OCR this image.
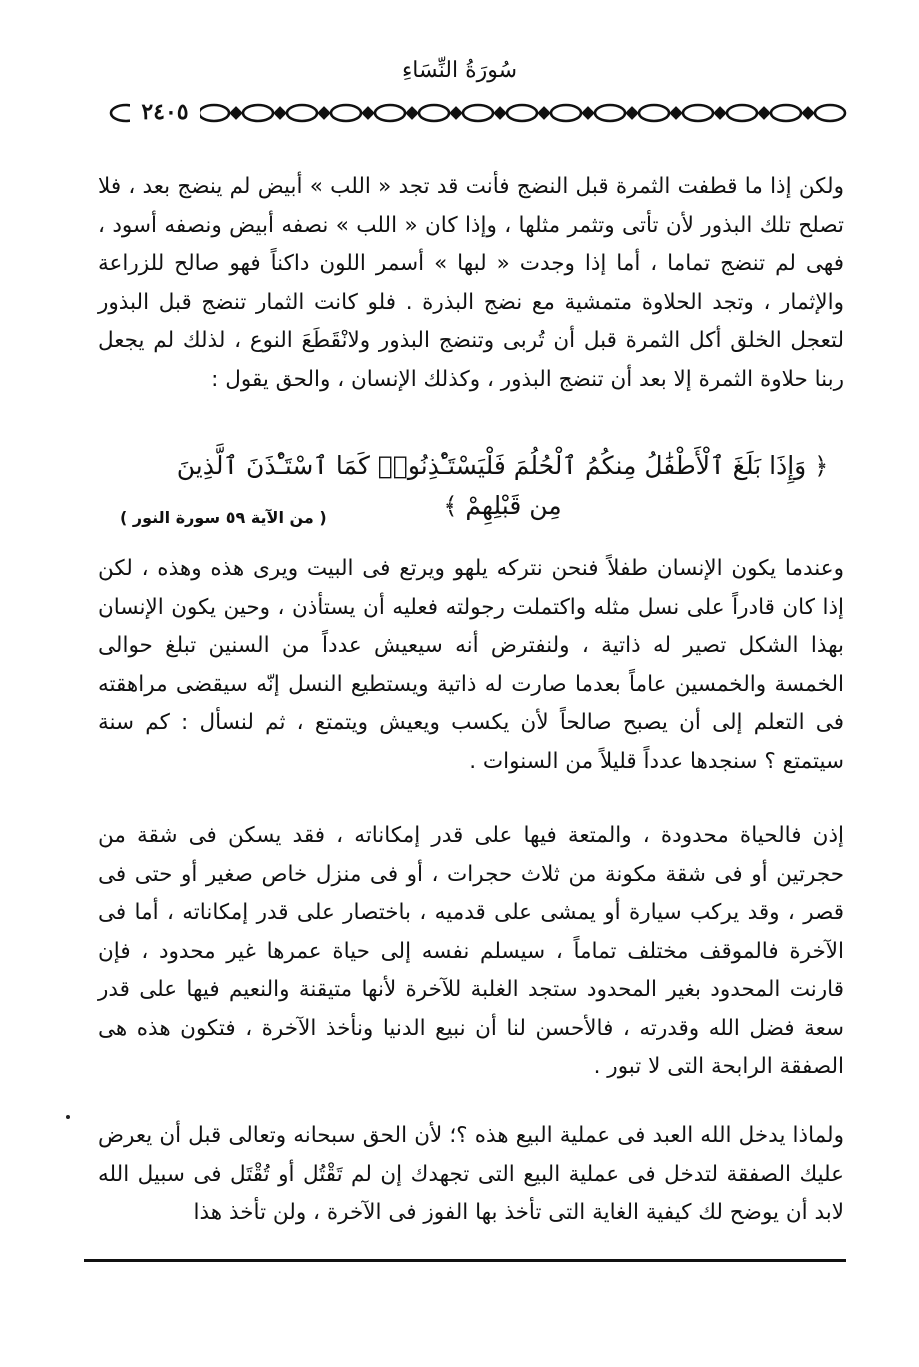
سُورَةُ النِّسَاءِ
٢٤٠٥

ولكن إذا ما قطفت الثمرة قبل النضج فأنت قد تجد « اللب » أبيض لم ينضج بعد ، فلا تصلح تلك البذور لأن تأتى وتثمر مثلها ، وإذا كان « اللب » نصفه أبيض ونصفه أسود ، فهى لم تنضج تماما ، أما إذا وجدت « لبها » أسمر اللون داكناً فهو صالح للزراعة والإثمار ، وتجد الحلاوة متمشية مع نضج البذرة . فلو كانت الثمار تنضج قبل البذور لتعجل الخلق أكل الثمرة قبل أن تُربى وتنضج البذور ولانْقَطَعَ النوع ، لذلك لم يجعل ربنا حلاوة الثمرة إلا بعد أن تنضج البذور ، وكذلك الإنسان ، والحق يقول :

﴿ وَإِذَا بَلَغَ ٱلْأَطْفَٰلُ مِنكُمُ ٱلْحُلُمَ فَلْيَسْتَـْٔذِنُوا۟ كَمَا ٱسْتَـْٔذَنَ ٱلَّذِينَ مِن قَبْلِهِمْ ﴾
( من الآية ٥٩ سورة النور )

وعندما يكون الإنسان طفلاً فنحن نتركه يلهو ويرتع فى البيت ويرى هذه وهذه ، لكن إذا كان قادراً على نسل مثله واكتملت رجولته فعليه أن يستأذن ، وحين يكون الإنسان بهذا الشكل تصير له ذاتية ، ولنفترض أنه سيعيش عدداً من السنين تبلغ حوالى الخمسة والخمسين عاماً بعدما صارت له ذاتية ويستطيع النسل إنّه سيقضى مراهقته فى التعلم إلى أن يصبح صالحاً لأن يكسب ويعيش ويتمتع ، ثم لنسأل : كم سنة سيتمتع ؟ سنجدها عدداً قليلاً من السنوات .

إذن فالحياة محدودة ، والمتعة فيها على قدر إمكاناته ، فقد يسكن فى شقة من حجرتين أو فى شقة مكونة من ثلاث حجرات ، أو فى منزل خاص صغير أو حتى فى قصر ، وقد يركب سيارة أو يمشى على قدميه ، باختصار على قدر إمكاناته ، أما فى الآخرة فالموقف مختلف تماماً ، سيسلم نفسه إلى حياة عمرها غير محدود ، فإن قارنت المحدود بغير المحدود ستجد الغلبة للآخرة لأنها متيقنة والنعيم فيها على قدر سعة فضل الله وقدرته ، فالأحسن لنا أن نبيع الدنيا ونأخذ الآخرة ، فتكون هذه هى الصفقة الرابحة التى لا تبور .

ولماذا يدخل الله العبد فى عملية البيع هذه ؟؛ لأن الحق سبحانه وتعالى قبل أن يعرض عليك الصفقة لتدخل فى عملية البيع التى تجهدك إن لم تَقْتُل أو تُقْتَل فى سبيل الله لابد أن يوضح لك كيفية الغاية التى تأخذ بها الفوز فى الآخرة ، ولن تأخذ هذا
